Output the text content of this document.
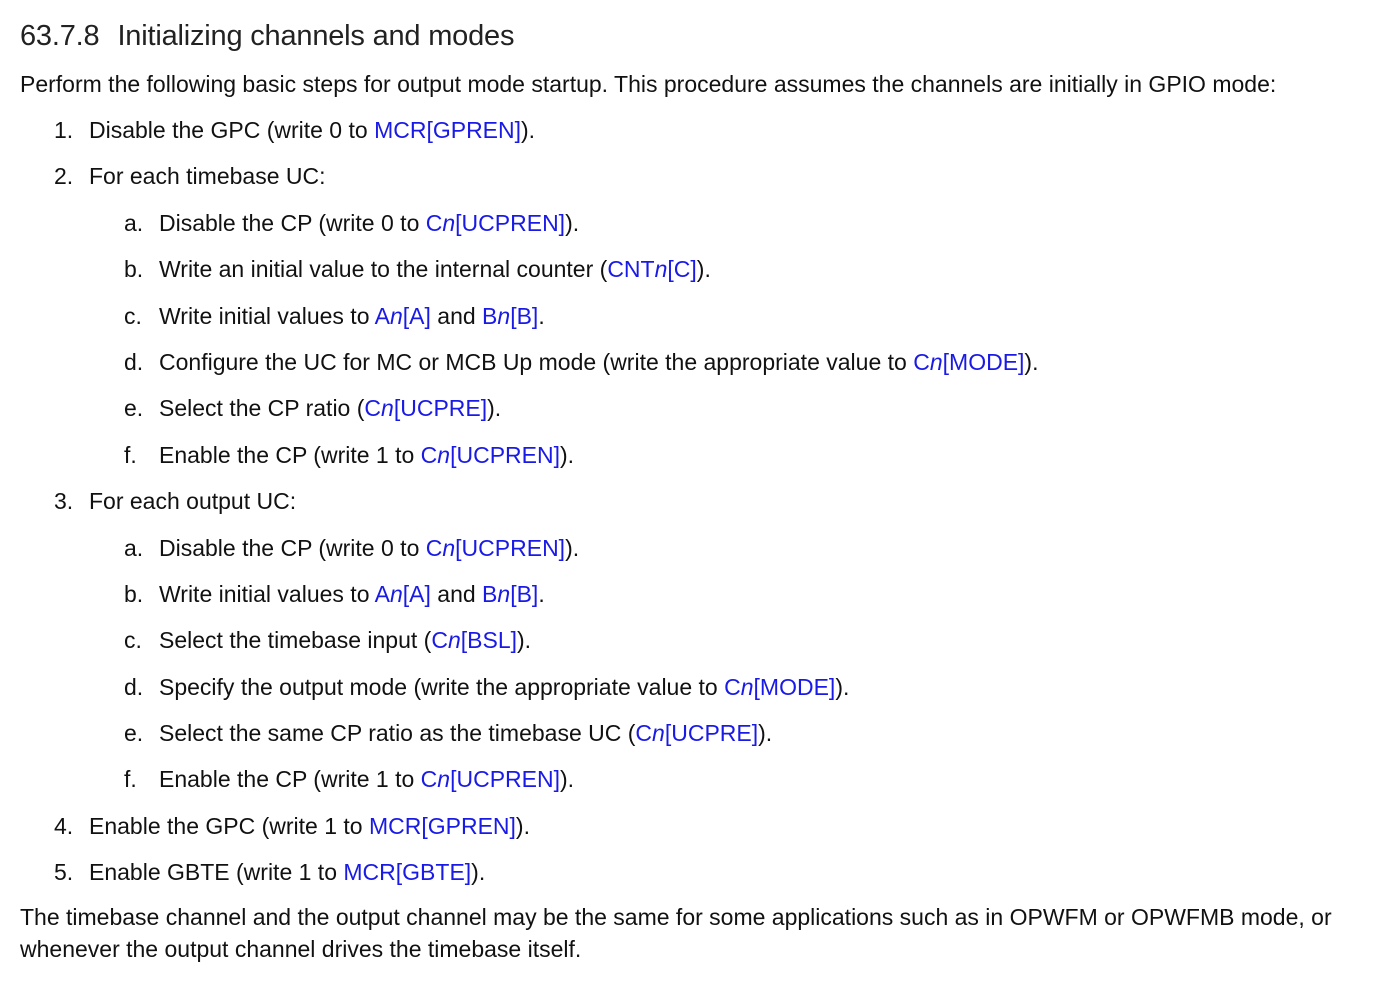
63.7.8 Initializing channels and modes

Perform the following basic steps for output mode startup. This procedure assumes the channels are initially in GPIO mode:

1. Disable the GPC (write 0 to MCR[GPREN]).
2. For each timebase UC:
a. Disable the CP (write 0 to Cn[UCPREN]).
b. Write an initial value to the internal counter (CNTn[C]).
c. Write initial values to An[A] and Bn[B].
d. Configure the UC for MC or MCB Up mode (write the appropriate value to Cn[MODE]).
e. Select the CP ratio (Cn[UCPRE]).
f. Enable the CP (write 1 to Cn[UCPREN]).
3. For each output UC:
a. Disable the CP (write 0 to Cn[UCPREN]).
b. Write initial values to An[A] and Bn[B].
c. Select the timebase input (Cn[BSL]).
d. Specify the output mode (write the appropriate value to Cn[MODE]).
e. Select the same CP ratio as the timebase UC (Cn[UCPRE]).
f. Enable the CP (write 1 to Cn[UCPREN]).
4. Enable the GPC (write 1 to MCR[GPREN]).
5. Enable GBTE (write 1 to MCR[GBTE]).

The timebase channel and the output channel may be the same for some applications such as in OPWFM or OPWFMB mode, or whenever the output channel drives the timebase itself.
